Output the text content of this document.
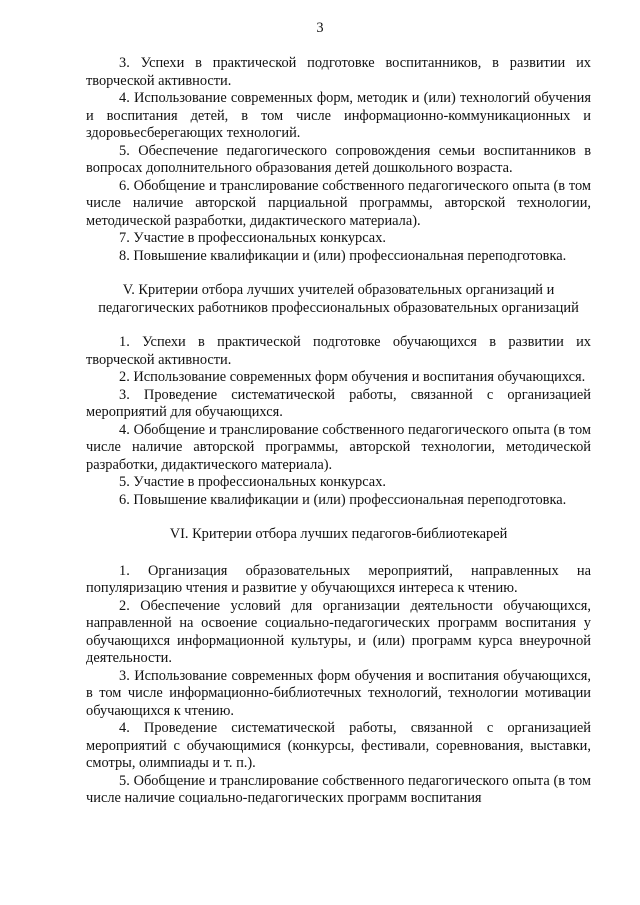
3

3. Успехи в практической подготовке воспитанников, в развитии их творческой активности.

4. Использование современных форм, методик и (или) технологий обучения и воспитания детей, в том числе информационно-коммуникационных и здоровьесберегающих технологий.

5. Обеспечение педагогического сопровождения семьи воспитанников в вопросах дополнительного образования детей дошкольного возраста.

6. Обобщение и транслирование собственного педагогического опыта (в том числе наличие авторской парциальной программы, авторской технологии, методической разработки, дидактического материала).

7. Участие в профессиональных конкурсах.

8. Повышение квалификации и (или) профессиональная переподготовка.

V. Критерии отбора лучших учителей образовательных организаций и педагогических работников профессиональных образовательных организаций

1. Успехи в практической подготовке обучающихся в развитии их творческой активности.

2. Использование современных форм обучения и воспитания обучающихся.

3. Проведение систематической работы, связанной с организацией мероприятий для обучающихся.

4. Обобщение и транслирование собственного педагогического опыта (в том числе наличие авторской программы, авторской технологии, методической разработки, дидактического материала).

5. Участие в профессиональных конкурсах.

6. Повышение квалификации и (или) профессиональная переподготовка.

VI. Критерии отбора лучших педагогов-библиотекарей

1. Организация образовательных мероприятий, направленных на популяризацию чтения и развитие у обучающихся интереса к чтению.

2. Обеспечение условий для организации деятельности обучающихся, направленной на освоение социально-педагогических программ воспитания у обучающихся информационной культуры, и (или) программ курса внеурочной деятельности.

3. Использование современных форм обучения и воспитания обучающихся, в том числе информационно-библиотечных технологий, технологии мотивации обучающихся к чтению.

4. Проведение систематической работы, связанной с организацией мероприятий с обучающимися (конкурсы, фестивали, соревнования, выставки, смотры, олимпиады и т. п.).

5. Обобщение и транслирование собственного педагогического опыта (в том числе наличие социально-педагогических программ воспитания
